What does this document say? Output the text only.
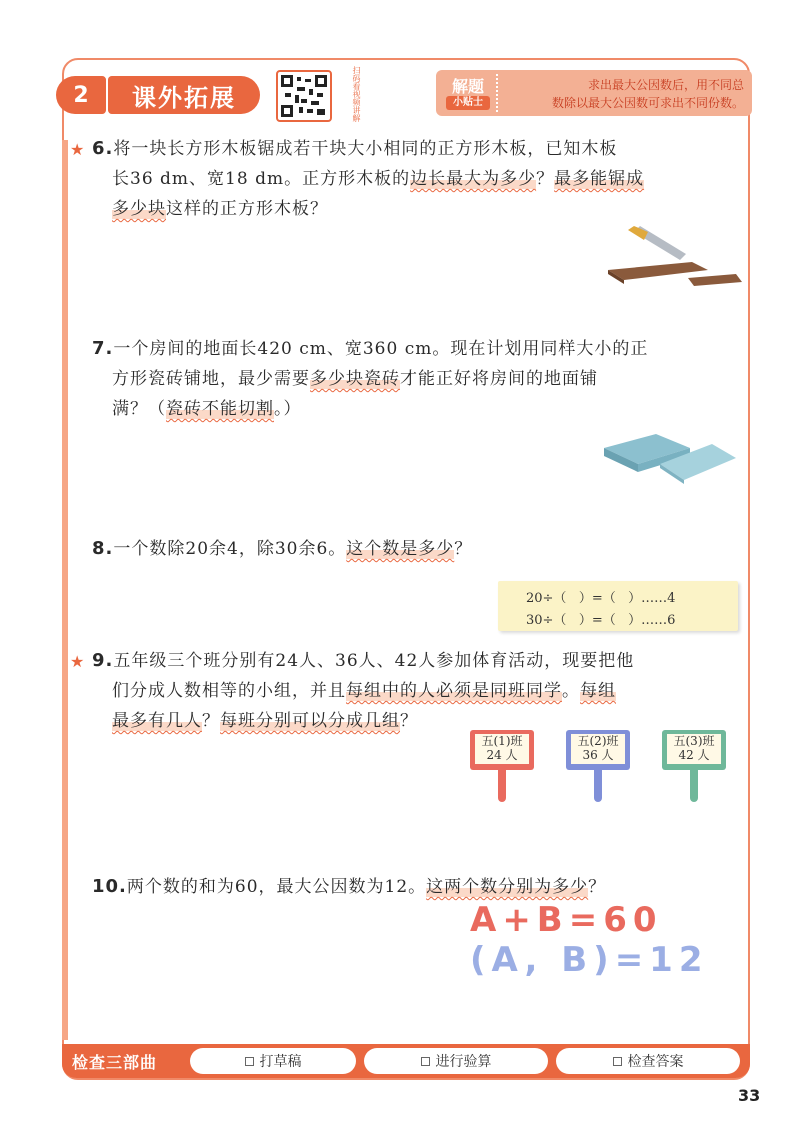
2	课外拓展	扫码看视频讲解	解题
小贴士
求出最大公因数后，用不同总
数除以最大公因数可求出不同份数。
★ 6.将一块长方形木板锯成若干块大小相同的正方形木板，已知木板
长36 dm、宽18 dm。正方形木板的边长最大为多少？最多能锯成
多少块这样的正方形木板？
7.一个房间的地面长420 cm、宽360 cm。现在计划用同样大小的正
方形瓷砖铺地，最少需要多少块瓷砖才能正好将房间的地面铺
满？（瓷砖不能切割。）
8.一个数除20余4，除30余6。这个数是多少？
20÷（   ）=（   ）……4
30÷（   ）=（   ）……6
★ 9.五年级三个班分别有24人、36人、42人参加体育活动，现要把他
们分成人数相等的小组，并且每组中的人必须是同班同学。每组
最多有几人？每班分别可以分成几组？
五(1)班
24 人
五(2)班
36 人
五(3)班
42 人
10.两个数的和为60，最大公因数为12。这两个数分别为多少？
A+B=60
(A, B)=12
检查三部曲	打草稿	进行验算	检查答案
33
